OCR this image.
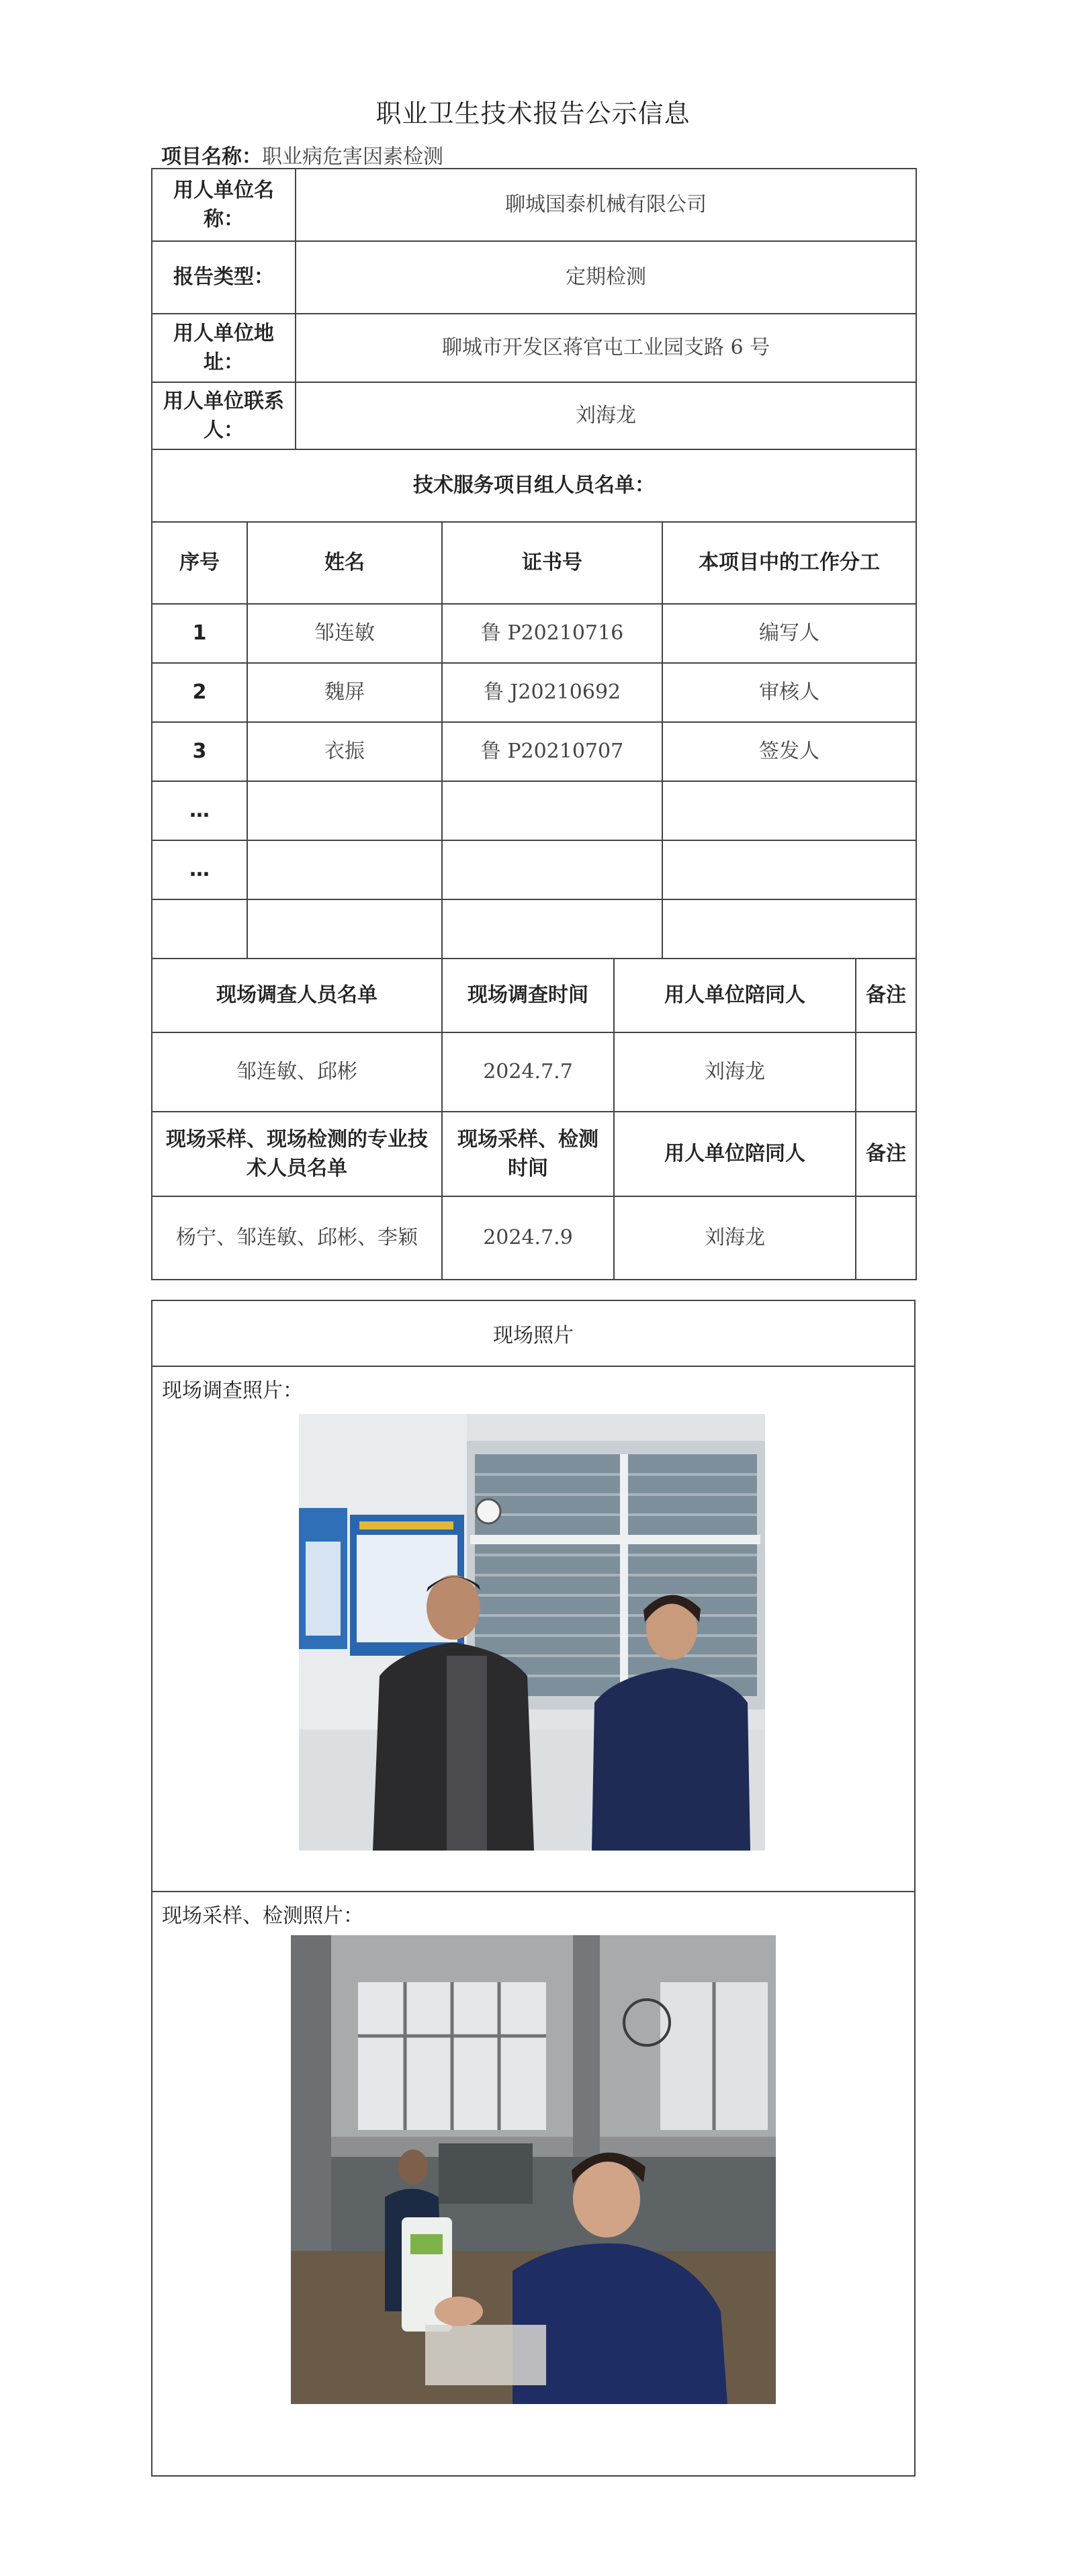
职业卫生技术报告公示信息
项目名称：职业病危害因素检测
用人单位名称：		聊城国泰机械有限公司				
报告类型：		定期检测				
用人单位地址：		聊城市开发区蒋官屯工业园支路 6 号				
用人单位联系人：		刘海龙				
技术服务项目组人员名单：						
序号	姓名		证书号		本项目中的工作分工	
1	邹连敏		鲁 P20210716		编写人	
2	魏屏		鲁 J20210692		审核人	
3	衣振		鲁 P20210707		签发人	
…						
…						

现场调查人员名单			现场调查时间	用人单位陪同人		备注
邹连敏、邱彬			2024.7.7	刘海龙		
现场采样、现场检测的专业技术人员名单			现场采样、检测时间	用人单位陪同人		备注
杨宁、邹连敏、邱彬、李颖			2024.7.9	刘海龙		
现场照片
现场调查照片：
现场采样、检测照片：
